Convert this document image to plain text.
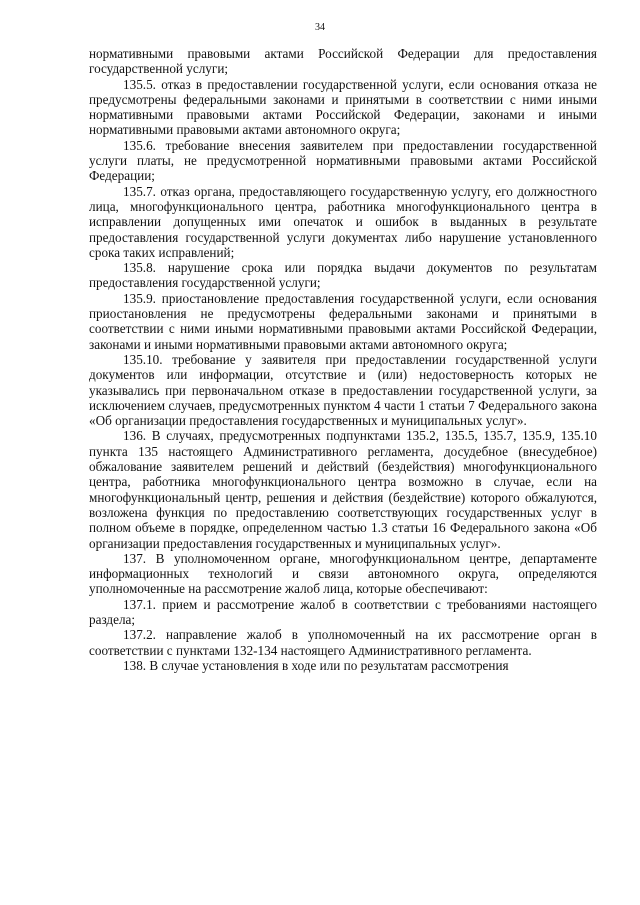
34

нормативными правовыми актами Российской Федерации для предоставления государственной услуги;

135.5. отказ в предоставлении государственной услуги, если основания отказа не предусмотрены федеральными законами и принятыми в соответствии с ними иными нормативными правовыми актами Российской Федерации, законами и иными нормативными правовыми актами автономного округа;

135.6. требование внесения заявителем при предоставлении государственной услуги платы, не предусмотренной нормативными правовыми актами Российской Федерации;

135.7. отказ органа, предоставляющего государственную услугу, его должностного лица, многофункционального центра, работника многофункционального центра в исправлении допущенных ими опечаток и ошибок в выданных в результате предоставления государственной услуги документах либо нарушение установленного срока таких исправлений;

135.8. нарушение срока или порядка выдачи документов по результатам предоставления государственной услуги;

135.9. приостановление предоставления государственной услуги, если основания приостановления не предусмотрены федеральными законами и принятыми в соответствии с ними иными нормативными правовыми актами Российской Федерации, законами и иными нормативными правовыми актами автономного округа;

135.10. требование у заявителя при предоставлении государственной услуги документов или информации, отсутствие и (или) недостоверность которых не указывались при первоначальном отказе в предоставлении государственной услуги, за исключением случаев, предусмотренных пунктом 4 части 1 статьи 7 Федерального закона «Об организации предоставления государственных и муниципальных услуг».

136. В случаях, предусмотренных подпунктами 135.2, 135.5, 135.7, 135.9, 135.10 пункта 135 настоящего Административного регламента, досудебное (внесудебное) обжалование заявителем решений и действий (бездействия) многофункционального центра, работника многофункционального центра возможно в случае, если на многофункциональный центр, решения и действия (бездействие) которого обжалуются, возложена функция по предоставлению соответствующих государственных услуг в полном объеме в порядке, определенном частью 1.3 статьи 16 Федерального закона «Об организации предоставления государственных и муниципальных услуг».

137. В уполномоченном органе, многофункциональном центре, департаменте информационных технологий и связи автономного округа, определяются уполномоченные на рассмотрение жалоб лица, которые обеспечивают:

137.1. прием и рассмотрение жалоб в соответствии с требованиями настоящего раздела;

137.2. направление жалоб в уполномоченный на их рассмотрение орган в соответствии с пунктами 132-134 настоящего Административного регламента.

138. В случае установления в ходе или по результатам рассмотрения
